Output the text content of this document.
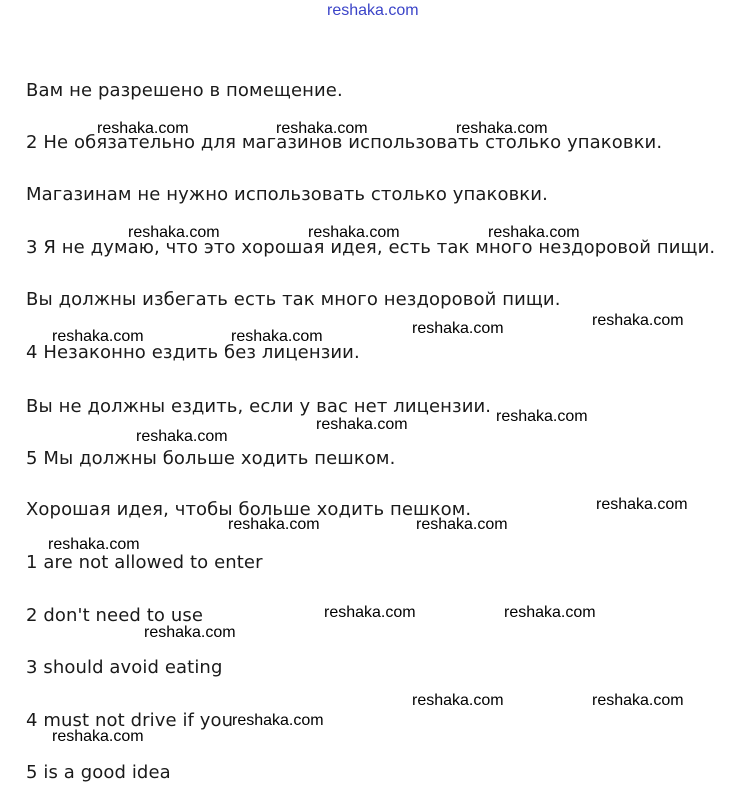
reshaka.com
Вам не разрешено в помещение.
2 Не обязательно для магазинов использовать столько упаковки.
Магазинам не нужно использовать столько упаковки.
3 Я не думаю, что это хорошая идея, есть так много нездоровой пищи.
Вы должны избегать есть так много нездоровой пищи.
4 Незаконно ездить без лицензии.
Вы не должны ездить, если у вас нет лицензии.
5 Мы должны больше ходить пешком.
Хорошая идея, чтобы больше ходить пешком.
1 are not allowed to enter
2 don't need to use
3 should avoid eating
4 must not drive if you
5 is a good idea
reshaka.com	reshaka.com	reshaka.com
reshaka.com	reshaka.com	reshaka.com
reshaka.com	reshaka.com	reshaka.com	reshaka.com
reshaka.com
reshaka.com	reshaka.com
reshaka.com
reshaka.com	reshaka.com
reshaka.com
reshaka.com	reshaka.com
reshaka.com
reshaka.com	reshaka.com
reshaka.com
reshaka.com
